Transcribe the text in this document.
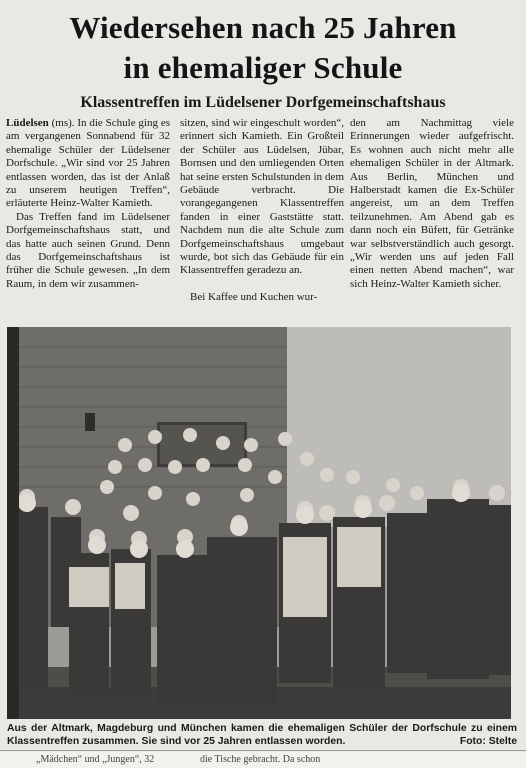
Wiedersehen nach 25 Jahren
in ehemaliger Schule
Klassentreffen im Lüdelsener Dorfgemeinschaftshaus

Lüdelsen (ms). In die Schule ging es am vergangenen Sonnabend für 32 ehemalige Schüler der Lüdelsener Dorfschule. „Wir sind vor 25 Jahren entlassen worden, das ist der Anlaß zu unserem heutigen Treffen“, erläuterte Heinz-Walter Kamieth.

Das Treffen fand im Lüdelsener Dorfgemeinschaftshaus statt, und das hatte auch seinen Grund. Denn das Dorfgemeinschaftshaus ist früher die Schule gewesen. „In dem Raum, in dem wir zusammen-

sitzen, sind wir eingeschult worden“, erinnert sich Kamieth. Ein Großteil der Schüler aus Lüdelsen, Jübar, Bornsen und den umliegenden Orten hat seine ersten Schulstunden in dem Gebäude verbracht. Die vorangegangenen Klassentreffen fanden in einer Gaststätte statt. Nachdem nun die alte Schule zum Dorfgemeinschaftshaus umgebaut wurde, bot sich das Gebäude für ein Klassentreffen geradezu an.

Bei Kaffee und Kuchen wur-

den am Nachmittag viele Erinnerungen wieder aufgefrischt. Es wohnen auch nicht mehr alle ehemaligen Schüler in der Altmark. Aus Berlin, München und Halberstadt kamen die Ex-Schüler angereist, um an dem Treffen teilzunehmen. Am Abend gab es dann noch ein Büfett, für Getränke war selbstverständlich auch gesorgt. „Wir werden uns auf jeden Fall einen netten Abend machen“, war sich Heinz-Walter Kamieth sicher.

Aus der Altmark, Magdeburg und München kamen die ehemaligen Schüler der Dorfschule zu einem Klassentreffen zusammen. Sie sind vor 25 Jahren entlassen worden.	Foto: Stelte
„Mädchen“ und „Jungen“, 32	die Tische gebracht. Da schon
